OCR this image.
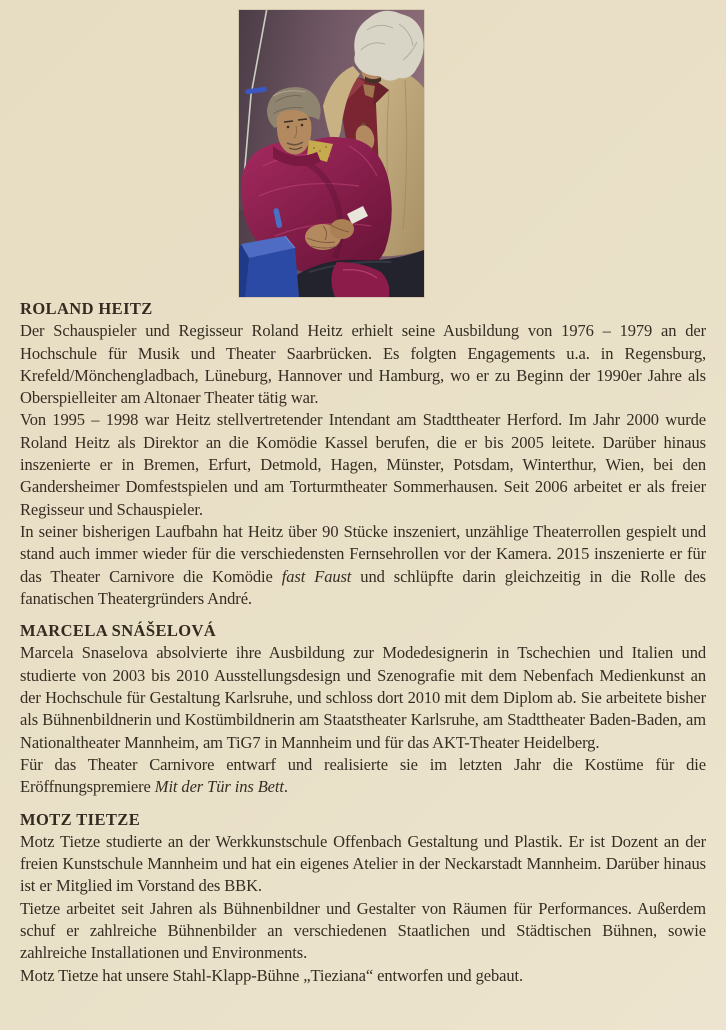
ROLAND HEITZ

Der Schauspieler und Regisseur Roland Heitz erhielt seine Ausbildung von 1976 – 1979 an der Hochschule für Musik und Theater Saarbrücken. Es folgten Engagements u.a. in Regensburg, Krefeld/Mönchengladbach, Lüneburg, Hannover und Hamburg, wo er zu Beginn der 1990er Jahre als Oberspielleiter am Altonaer Theater tätig war.

Von 1995 – 1998 war Heitz stellvertretender Intendant am Stadttheater Herford. Im Jahr 2000 wurde Roland Heitz als Direktor an die Komödie Kassel berufen, die er bis 2005 leitete. Darüber hinaus inszenierte er in Bremen, Erfurt, Detmold, Hagen, Münster, Potsdam, Winterthur, Wien, bei den Gandersheimer Domfestspielen und am Torturmtheater Sommerhausen. Seit 2006 arbeitet er als freier Regisseur und Schauspieler.

In seiner bisherigen Laufbahn hat Heitz über 90 Stücke inszeniert, unzählige Theaterrollen gespielt und stand auch immer wieder für die verschiedensten Fernsehrollen vor der Kamera. 2015 inszenierte er für das Theater Carnivore die Komödie fast Faust und schlüpfte darin gleichzeitig in die Rolle des fanatischen Theatergründers André.

MARCELA SNÁŠELOVÁ

Marcela Snaselova absolvierte ihre Ausbildung zur Modedesignerin in Tschechien und Italien und studierte von 2003 bis 2010 Ausstellungsdesign und Szenografie mit dem Nebenfach Medienkunst an der Hochschule für Gestaltung Karlsruhe, und schloss dort 2010 mit dem Diplom ab. Sie arbeitete bisher als Bühnenbildnerin und Kostümbildnerin am Staatstheater Karlsruhe, am Stadttheater Baden-Baden, am Nationaltheater Mannheim, am TiG7 in Mannheim und für das AKT-Theater Heidelberg.

Für das Theater Carnivore entwarf und realisierte sie im letzten Jahr die Kostüme für die Eröffnungspremiere Mit der Tür ins Bett.

MOTZ TIETZE

Motz Tietze studierte an der Werkkunstschule Offenbach Gestaltung und Plastik. Er ist Dozent an der freien Kunstschule Mannheim und hat ein eigenes Atelier in der Neckarstadt Mannheim. Darüber hinaus ist er Mitglied im Vorstand des BBK.

Tietze arbeitet seit Jahren als Bühnenbildner und Gestalter von Räumen für Performances. Außerdem schuf er zahlreiche Bühnenbilder an verschiedenen Staatlichen und Städtischen Bühnen, sowie zahlreiche Installationen und Environments.

Motz Tietze hat unsere Stahl-Klapp-Bühne „Tieziana“ entworfen und gebaut.
